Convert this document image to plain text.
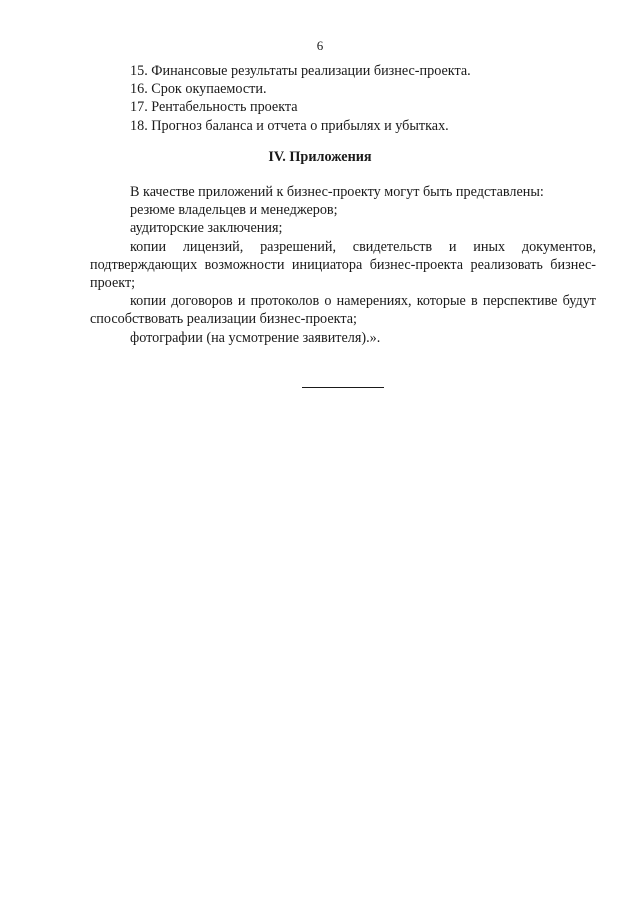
6
15. Финансовые результаты реализации бизнес-проекта.
16. Срок окупаемости.
17. Рентабельность проекта
18. Прогноз баланса и отчета о прибылях и убытках.
IV. Приложения

В качестве приложений к бизнес-проекту могут быть представлены:

резюме владельцев и менеджеров;

аудиторские заключения;

копии лицензий, разрешений, свидетельств и иных документов, подтверждающих возможности инициатора бизнес-проекта реализовать бизнес-проект;

копии договоров и протоколов о намерениях, которые в перспективе будут способствовать реализации бизнес-проекта;

фотографии (на усмотрение заявителя).».
